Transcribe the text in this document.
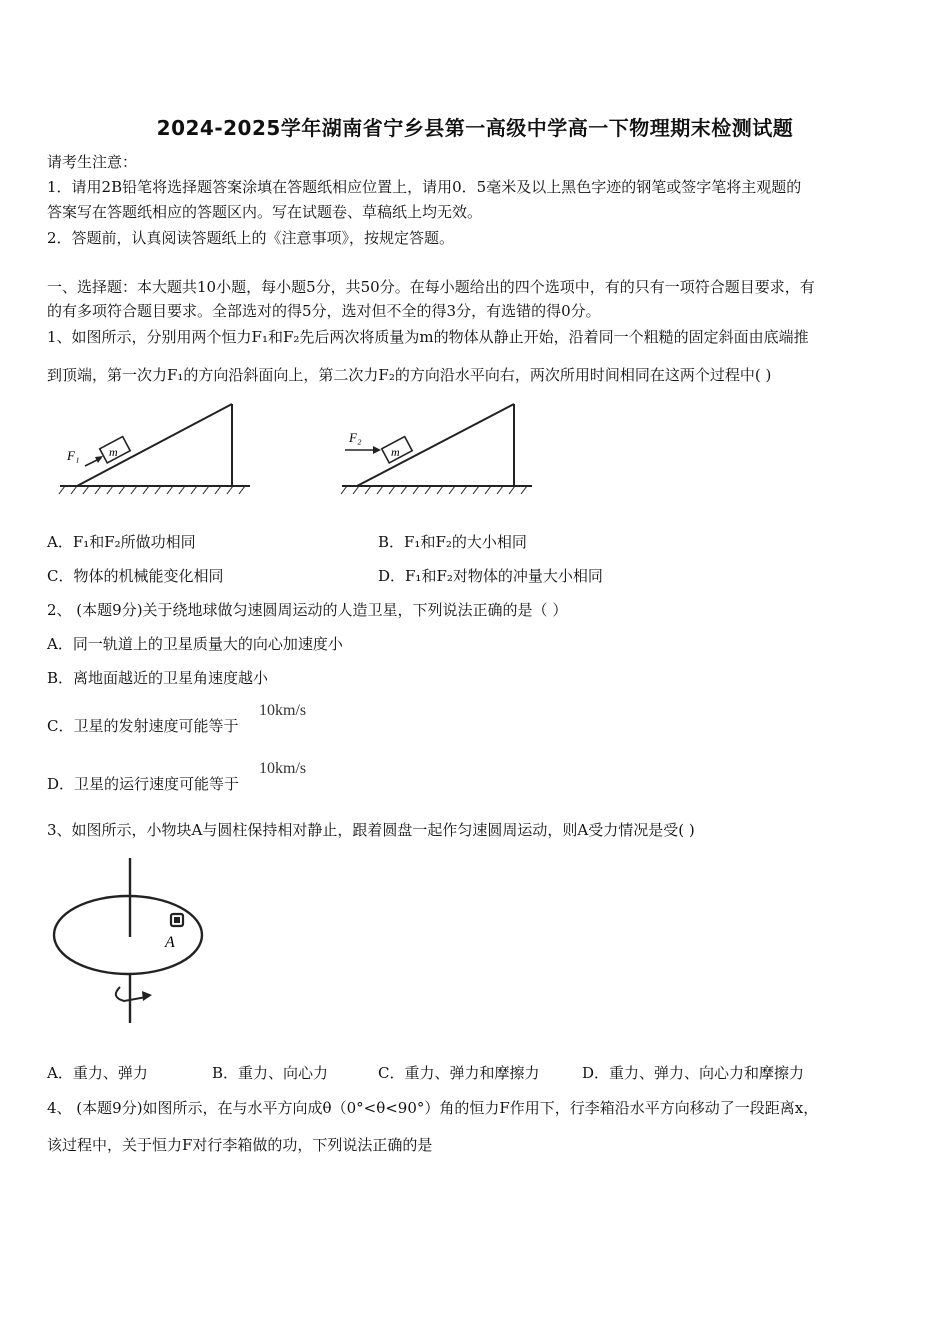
2024-2025学年湖南省宁乡县第一高级中学高一下物理期末检测试题
请考生注意：
1．请用2B铅笔将选择题答案涂填在答题纸相应位置上，请用0．5毫米及以上黑色字迹的钢笔或签字笔将主观题的
答案写在答题纸相应的答题区内。写在试题卷、草稿纸上均无效。
2．答题前，认真阅读答题纸上的《注意事项》，按规定答题。
一、选择题：本大题共10小题，每小题5分，共50分。在每小题给出的四个选项中，有的只有一项符合题目要求，有
的有多项符合题目要求。全部选对的得5分，选对但不全的得3分，有选错的得0分。
1、如图所示，分别用两个恒力F₁和F₂先后两次将质量为m的物体从静止开始，沿着同一个粗糙的固定斜面由底端推
到顶端，第一次力F₁的方向沿斜面向上，第二次力F₂的方向沿水平向右，两次所用时间相同在这两个过程中( )
m
F₁	m
F₂
A．F₁和F₂所做功相同	B．F₁和F₂的大小相同
C．物体的机械能变化相同	D．F₁和F₂对物体的冲量大小相同
2、 (本题9分)关于绕地球做匀速圆周运动的人造卫星，下列说法正确的是（ ）
A．同一轨道上的卫星质量大的向心加速度小
B．离地面越近的卫星角速度越小
C．卫星的发射速度可能等于
10km/s
D．卫星的运行速度可能等于
10km/s
3、如图所示，小物块A与圆柱保持相对静止，跟着圆盘一起作匀速圆周运动，则A受力情况是受( )
A
A．重力、弹力	B．重力、向心力	C．重力、弹力和摩擦力	D．重力、弹力、向心力和摩擦力
4、 (本题9分)如图所示，在与水平方向成θ（0°<θ<90°）角的恒力F作用下，行李箱沿水平方向移动了一段距离x，
该过程中，关于恒力F对行李箱做的功，下列说法正确的是
